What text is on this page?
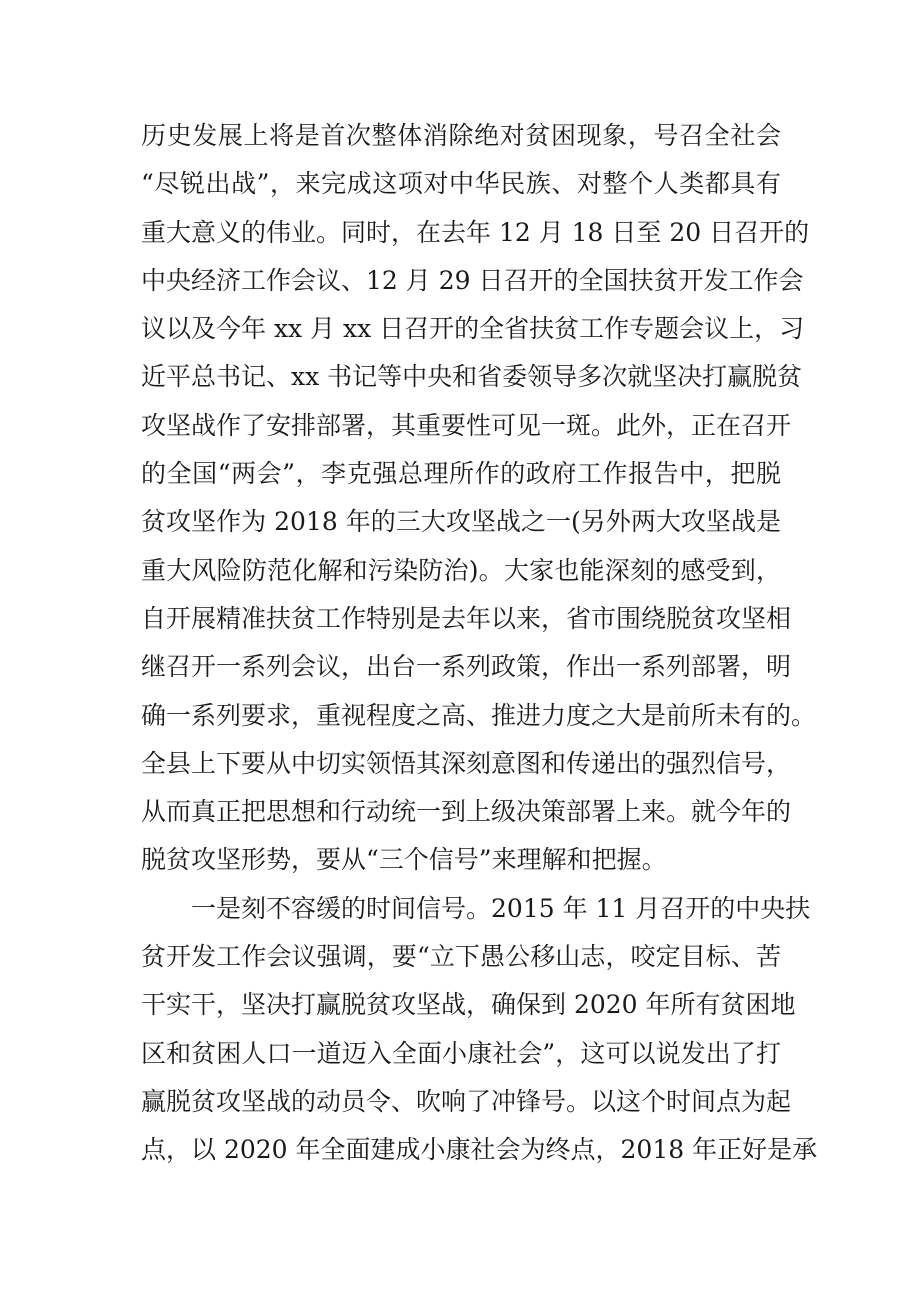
历史发展上将是首次整体消除绝对贫困现象，号召全社会
“尽锐出战”，来完成这项对中华民族、对整个人类都具有
重大意义的伟业。同时，在去年 12 月 18 日至 20 日召开的
中央经济工作会议、12 月 29 日召开的全国扶贫开发工作会
议以及今年 xx 月 xx 日召开的全省扶贫工作专题会议上，习
近平总书记、xx 书记等中央和省委领导多次就坚决打赢脱贫
攻坚战作了安排部署，其重要性可见一斑。此外，正在召开
的全国“两会”，李克强总理所作的政府工作报告中，把脱
贫攻坚作为 2018 年的三大攻坚战之一(另外两大攻坚战是
重大风险防范化解和污染防治)。大家也能深刻的感受到，
自开展精准扶贫工作特别是去年以来，省市围绕脱贫攻坚相
继召开一系列会议，出台一系列政策，作出一系列部署，明
确一系列要求，重视程度之高、推进力度之大是前所未有的。
全县上下要从中切实领悟其深刻意图和传递出的强烈信号，
从而真正把思想和行动统一到上级决策部署上来。就今年的
脱贫攻坚形势，要从“三个信号”来理解和把握。
一是刻不容缓的时间信号。2015 年 11 月召开的中央扶
贫开发工作会议强调，要“立下愚公移山志，咬定目标、苦
干实干，坚决打赢脱贫攻坚战，确保到 2020 年所有贫困地
区和贫困人口一道迈入全面小康社会”，这可以说发出了打
赢脱贫攻坚战的动员令、吹响了冲锋号。以这个时间点为起
点，以 2020 年全面建成小康社会为终点，2018 年正好是承
